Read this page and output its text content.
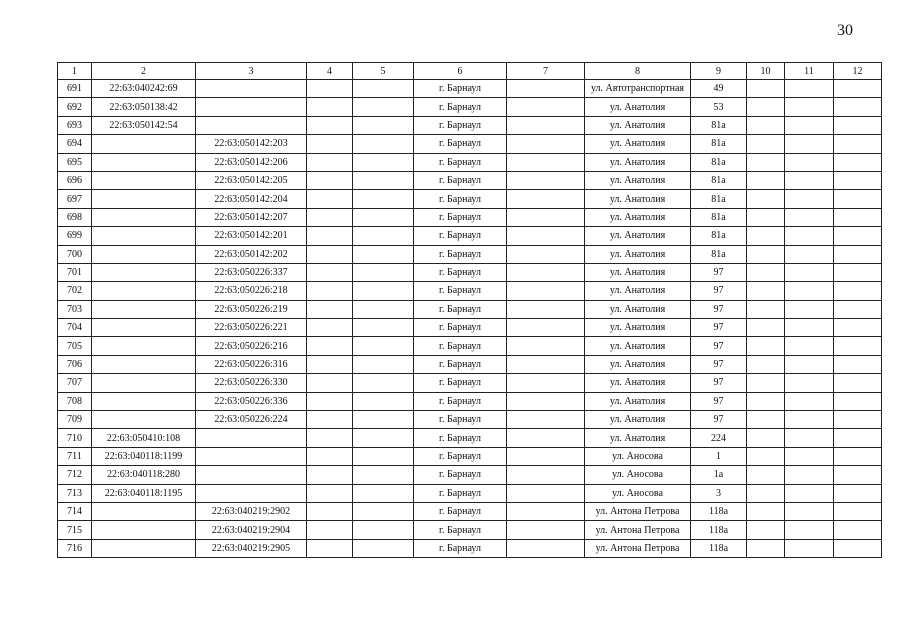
30
1	2	3	4	5	6	7	8	9	10	11	12
691	22:63:040242:69				г. Барнаул		ул. Автотранспортная	49			
692	22:63:050138:42				г. Барнаул		ул. Анатолия	53			
693	22:63:050142:54				г. Барнаул		ул. Анатолия	81а			
694		22:63:050142:203			г. Барнаул		ул. Анатолия	81а			
695		22:63:050142:206			г. Барнаул		ул. Анатолия	81а			
696		22:63:050142:205			г. Барнаул		ул. Анатолия	81а			
697		22:63:050142:204			г. Барнаул		ул. Анатолия	81а			
698		22:63:050142:207			г. Барнаул		ул. Анатолия	81а			
699		22:63:050142:201			г. Барнаул		ул. Анатолия	81а			
700		22:63:050142:202			г. Барнаул		ул. Анатолия	81а			
701		22:63:050226:337			г. Барнаул		ул. Анатолия	97			
702		22:63:050226:218			г. Барнаул		ул. Анатолия	97			
703		22:63:050226:219			г. Барнаул		ул. Анатолия	97			
704		22:63:050226:221			г. Барнаул		ул. Анатолия	97			
705		22:63:050226:216			г. Барнаул		ул. Анатолия	97			
706		22:63:050226:316			г. Барнаул		ул. Анатолия	97			
707		22:63:050226:330			г. Барнаул		ул. Анатолия	97			
708		22:63:050226:336			г. Барнаул		ул. Анатолия	97			
709		22:63:050226:224			г. Барнаул		ул. Анатолия	97			
710	22:63:050410:108				г. Барнаул		ул. Анатолия	224			
711	22:63:040118:1199				г. Барнаул		ул. Аносова	1			
712	22:63:040118:280				г. Барнаул		ул. Аносова	1а			
713	22:63:040118:1195				г. Барнаул		ул. Аносова	3			
714		22:63:040219:2902			г. Барнаул		ул. Антона Петрова	118а			
715		22:63:040219:2904			г. Барнаул		ул. Антона Петрова	118а			
716		22:63:040219:2905			г. Барнаул		ул. Антона Петрова	118а			
